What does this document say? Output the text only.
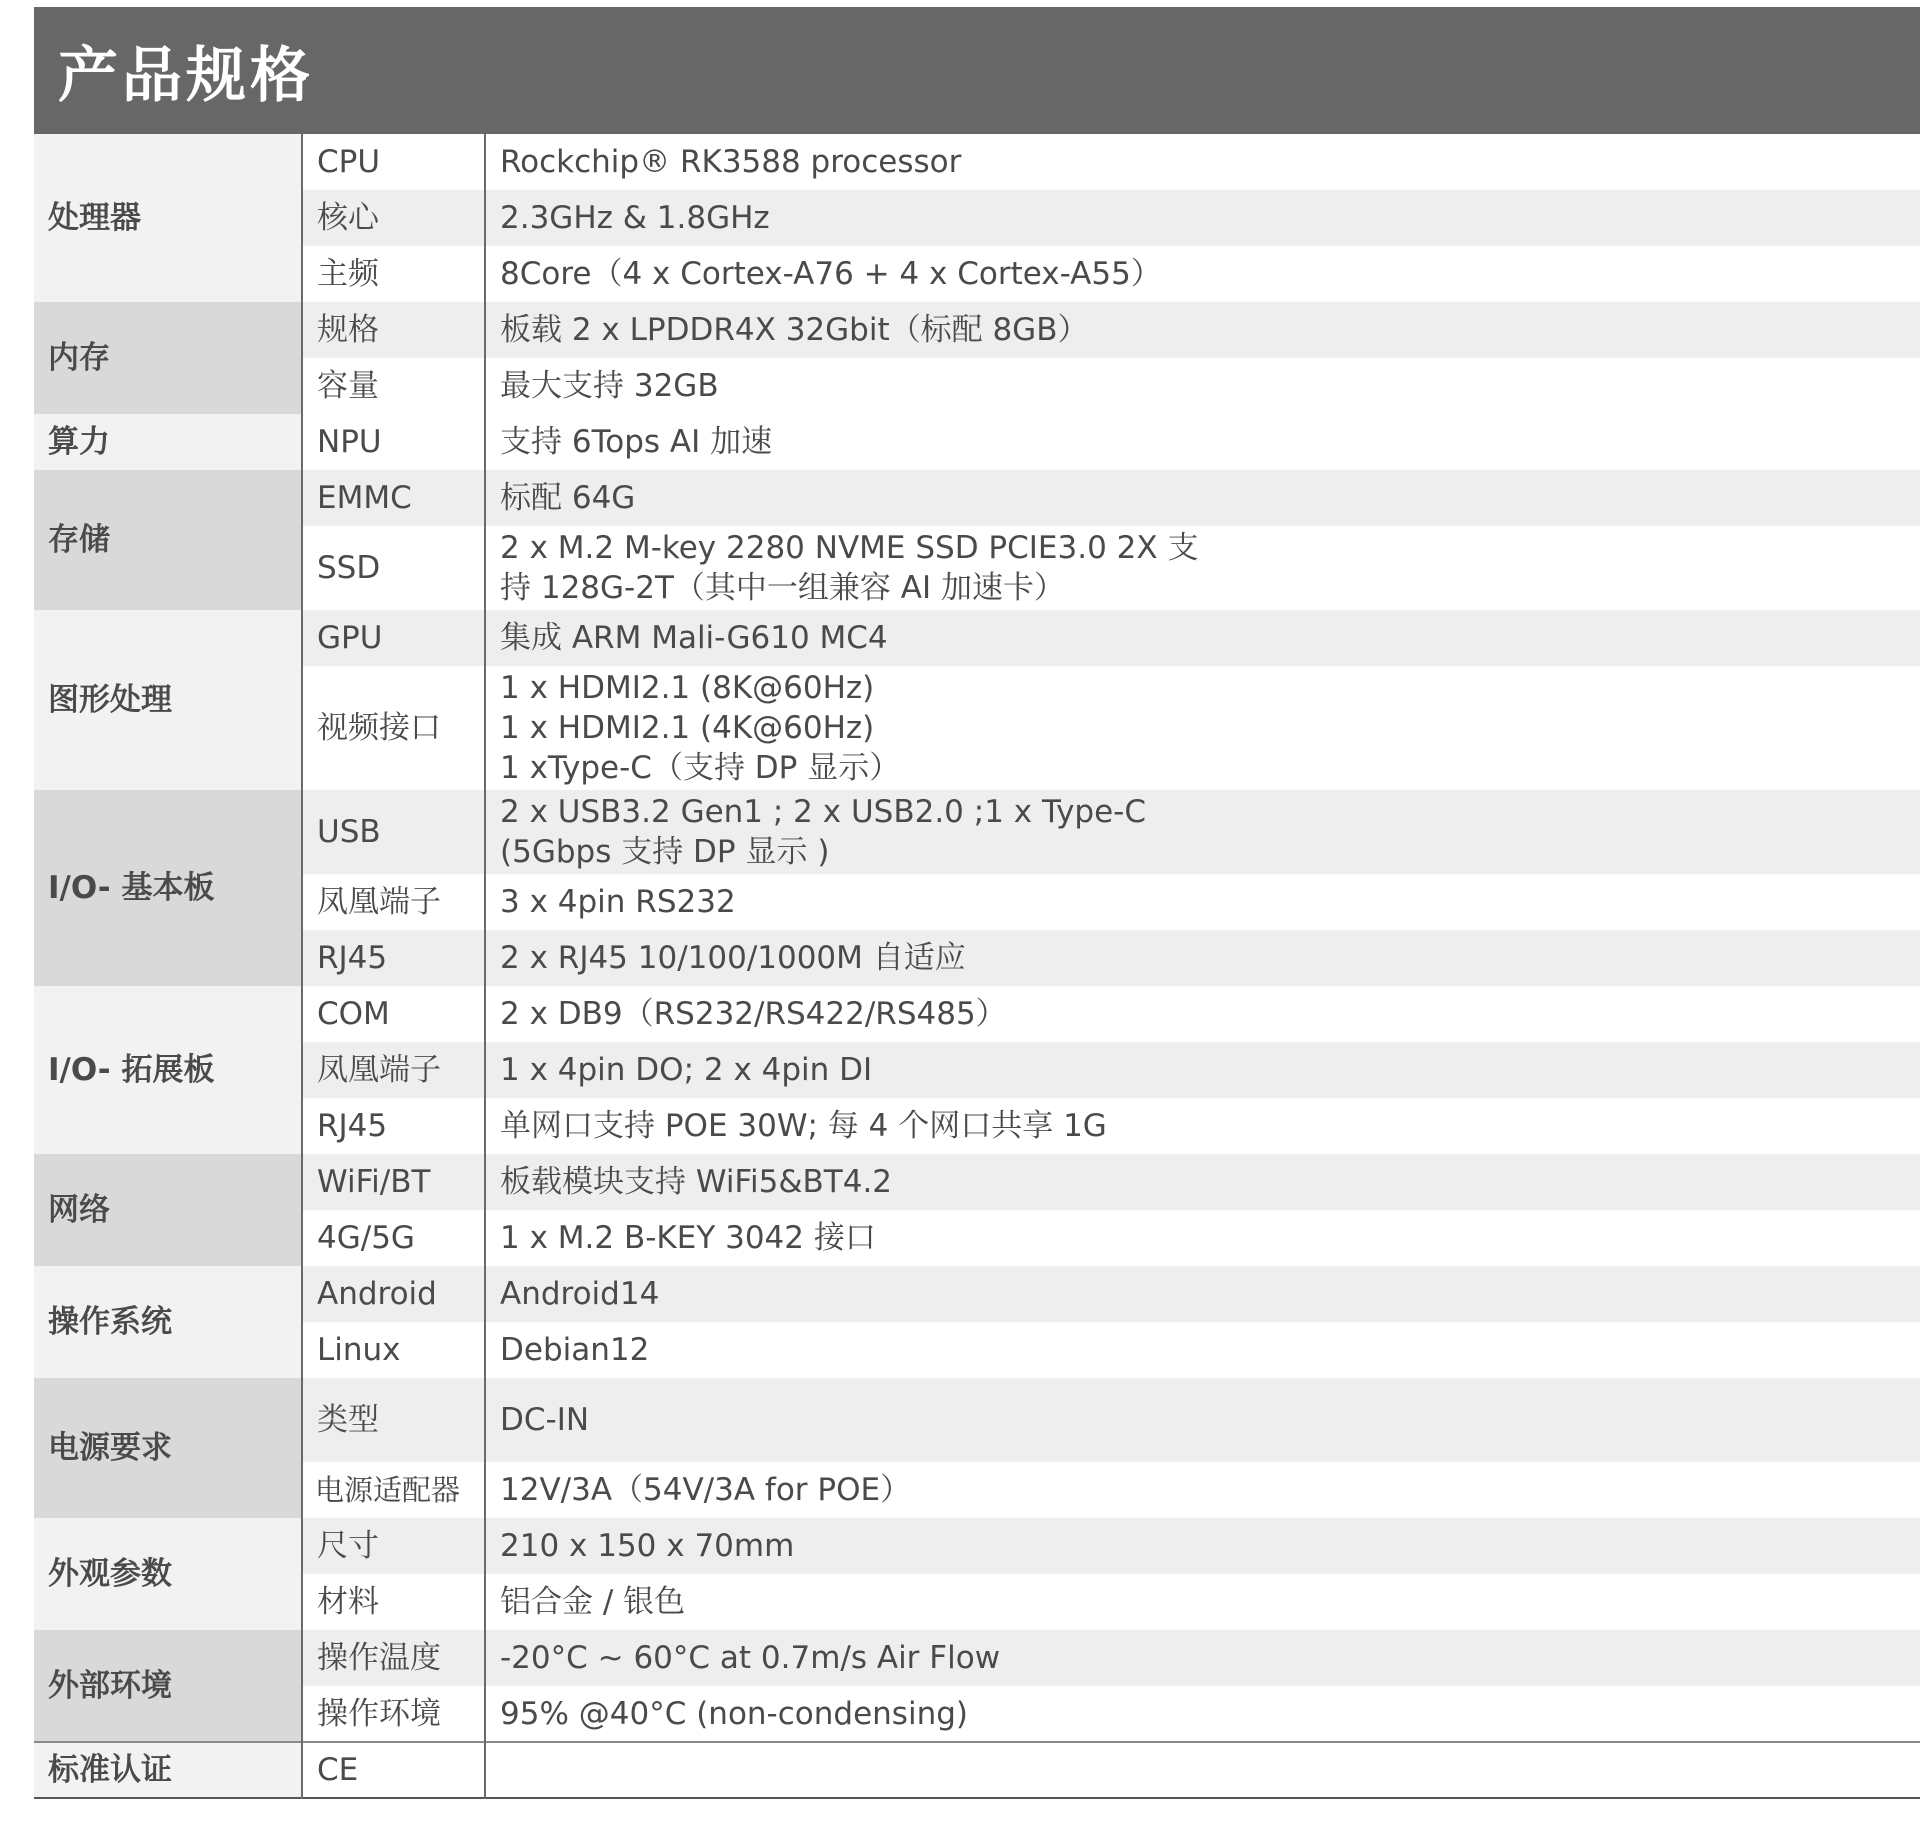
产品规格
处理器	CPU	Rockchip® RK3588 processor
	核心	2.3GHz & 1.8GHz
	主频	8Core（4 x Cortex-A76 + 4 x Cortex-A55）
内存	规格	板载 2 x LPDDR4X 32Gbit（标配 8GB）
	容量	最大支持 32GB
算力	NPU	支持 6Tops AI 加速
存储	EMMC	标配 64G
	SSD	2 x M.2 M-key 2280 NVME SSD PCIE3.0 2X 支
持 128G-2T（其中一组兼容 AI 加速卡）

图形处理	GPU	集成 ARM Mali-G610 MC4
	视频接口	1 x HDMI2.1 (8K@60Hz)
1 x HDMI2.1 (4K@60Hz)
1 xType-C（支持 DP 显示）

I/O- 基本板	USB	2 x USB3.2 Gen1 ; 2 x USB2.0 ;1 x Type-C
(5Gbps 支持 DP 显示 )

	凤凰端子	3 x 4pin RS232
	RJ45	2 x RJ45 10/100/1000M 自适应
I/O- 拓展板	COM	2 x DB9（RS232/RS422/RS485）
	凤凰端子	1 x 4pin DO; 2 x 4pin DI
	RJ45	单网口支持 POE 30W; 每 4 个网口共享 1G
网络	WiFi/BT	板载模块支持 WiFi5&BT4.2
	4G/5G	1 x M.2 B-KEY 3042 接口
操作系统	Android	Android14
	Linux	Debian12
电源要求	类型	DC-IN
	电源适配器	12V/3A（54V/3A for POE）
外观参数	尺寸	210 x 150 x 70mm
	材料	铝合金 / 银色
外部环境	操作温度	-20°C ~ 60°C at 0.7m/s Air Flow
	操作环境	95% @40°C (non-condensing)
标准认证	CE	
